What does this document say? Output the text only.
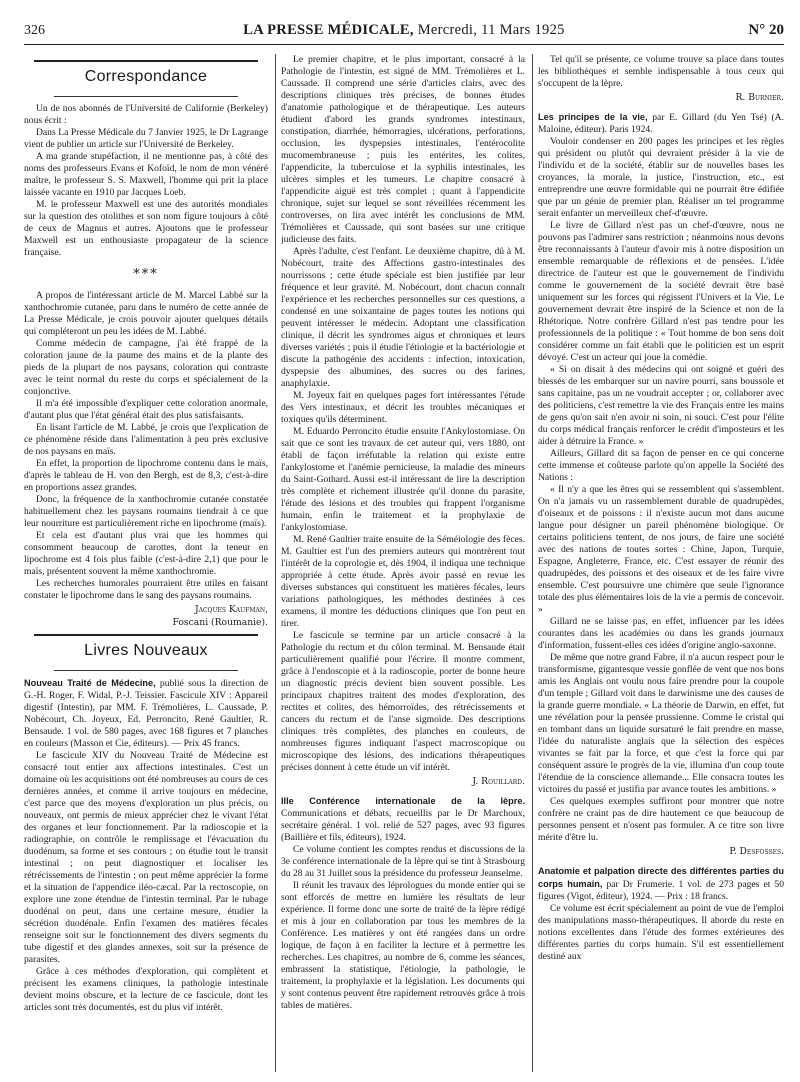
326	LA PRESSE MÉDICALE, Mercredi, 11 Mars 1925	N° 20
Correspondance

Un de nos abonnés de l'Université de Californie (Berkeley) nous écrit :

Dans La Presse Médicale du 7 Janvier 1925, le Dr Lagrange vient de publier un article sur l'Université de Berkeley.

A ma grande stupéfaction, il ne mentionne pas, à côté des noms des professeurs Evans et Kofoïd, le nom de mon vénéré maître, le professeur S. S. Maxwell, l'homme qui prit la place laissée vacante en 1910 par Jacques Loeb.

M. le professeur Maxwell est une des autorités mondiales sur la question des otolithes et son nom figure toujours à côté de ceux de Magnus et autres. Ajoutons que le professeur Maxwell est un enthousiaste propagateur de la science française.

***

A propos de l'intéressant article de M. Marcel Labbé sur la xanthochromie cutanée, paru dans le numéro de cette année de La Presse Médicale, je crois pouvoir ajouter quelques détails qui compléteront un peu les idées de M. Labbé.

Comme médecin de campagne, j'ai été frappé de la coloration jaune de la paume des mains et de la plante des pieds de la plupart de nos paysans, coloration qui contraste avec le teint normal du reste du corps et spécialement de la conjonctive.

Il m'a été impossible d'expliquer cette coloration anormale, d'autant plus que l'état général était des plus satisfaisants.

En lisant l'article de M. Labbé, je crois que l'explication de ce phénomène réside dans l'alimentation à peu près exclusive de nos paysans en maïs.

En effet, la proportion de lipochrome contenu dans le maïs, d'après le tableau de H. von den Bergh, est de 8,3, c'est-à-dire en proportions assez grandes.

Donc, la fréquence de la xanthochromie cutanée constatée habituellement chez les paysans roumains tiendrait à ce que leur nourriture est particulièrement riche en lipochrome (maïs).

Et cela est d'autant plus vrai que les hommes qui consomment beaucoup de carottes, dont la teneur en lipochrome est 4 fois plus faible (c'est-à-dire 2,1) que pour le maïs, présentent souvent la même xanthochromie.

Les recherches humorales pourraient être utiles en faisant constater le lipochrome dans le sang des paysans roumains.

Jacques Kaufman,
Foscani (Roumanie).
Livres Nouveaux
Nouveau Traité de Médecine, publié sous la direction de G.-H. Roger, F. Widal, P.-J. Teissier. Fascicule XIV : Appareil digestif (Intestin), par MM. F. Trémolières, L. Caussade, P. Nobécourt, Ch. Joyeux, Ed. Perroncito, René Gaultier, R. Bensaude. 1 vol. de 580 pages, avec 168 figures et 7 planches en couleurs (Masson et Cie, éditeurs). — Prix 45 francs.

Le fascicule XIV du Nouveau Traité de Médecine est consacré tout entier aux affections intestinales. C'est un domaine où les acquisitions ont été nombreuses au cours de ces dernières années, et comme il arrive toujours en médecine, c'est parce que des moyens d'exploration un plus précis, ou nouveaux, ont permis de mieux apprécier chez le vivant l'état des organes et leur fonctionnement. Par la radioscopie et la radiographie, on contrôle le remplissage et l'évacuation du duodénum, sa forme et ses contours ; on étudie tout le transit intestinal ; on peut diagnostiquer et localiser les rétrécissements de l'intestin ; on peut même apprécier la forme et la situation de l'appendice iléo-cæcal. Par la rectoscopie, on explore une zone étendue de l'intestin terminal. Par le tubage duodénal on peut, dans une certaine mesure, étudier la sécrétion duodénale. Enfin l'examen des matières fécales renseigne soit sur le fonctionnement des divers segments du tube digestif et des glandes annexes, soit sur la présence de parasites.

Grâce à ces méthodes d'exploration, qui complètent et précisent les examens cliniques, la pathologie intestinale devient moins obscure, et la lecture de ce fascicule, dont les articles sont très documentés, est du plus vif intérêt.

Le premier chapitre, et le plus important, consacré à la Pathologie de l'intestin, est signé de MM. Trémolières et L. Caussade. Il comprend une série d'articles clairs, avec des descriptions cliniques très précises, de bonnes études d'anatomie pathologique et de thérapeutique. Les auteurs étudient d'abord les grands syndromes intestinaux, constipation, diarrhée, hémorragies, ulcérations, perforations, occlusion, les dyspepsies intestinales, l'entérocolite mucomembraneuse ; puis les entérites, les colites, l'appendicite, la tuberculose et la syphilis intestinales, les ulcères simples et les tumeurs. Le chapitre consacré à l'appendicite aiguë est très complet ; quant à l'appendicite chronique, sujet sur lequel se sont réveillées récemment les controverses, on lira avec intérêt les conclusions de MM. Trémolières et Caussade, qui sont basées sur une critique judicieuse des faits.

Après l'adulte, c'est l'enfant. Le deuxième chapitre, dû à M. Nobécourt, traite des Affections gastro-intestinales des nourrissons ; cette étude spéciale est bien justifiée par leur fréquence et leur gravité. M. Nobécourt, dont chacun connaît l'expérience et les recherches personnelles sur ces questions, a condensé en une soixantaine de pages toutes les notions qui peuvent intéresser le médecin. Adoptant une classification clinique, il décrit les syndromes aigus et chroniques et leurs diverses variétés ; puis il étudie l'étiologie et la bactériologie et discute la pathogénie des accidents : infection, intoxication, dyspepsie des albumines, des sucres ou des farines, anaphylaxie.

M. Joyeux fait en quelques pages fort intéressantes l'étude des Vers intestinaux, et décrit les troubles mécaniques et toxiques qu'ils déterminent.

M. Eduardo Perroncito étudie ensuite l'Ankylostomiase. On sait que ce sont les travaux de cet auteur qui, vers 1880, ont établi de façon irréfutable la relation qui existe entre l'ankylostome et l'anémie pernicieuse, la maladie des mineurs du Saint-Gothard. Aussi est-il intéressant de lire la description très complète et richement illustrée qu'il donne du parasite, l'étude des lésions et des troubles qui frappent l'organisme humain, enfin le traitement et la prophylaxie de l'ankylostomiase.

M. René Gaultier traite ensuite de la Séméiologie des fèces. M. Gaultier est l'un des premiers auteurs qui montrèrent tout l'intérêt de la coprologie et, dès 1904, il indiqua une technique appropriée à cette étude. Après avoir passé en revue les diverses substances qui constituent les matières fécales, leurs variations pathologiques, les méthodes destinées à ces examens, il montre les déductions cliniques que l'on peut en tirer.

Le fascicule se termine par un article consacré à la Pathologie du rectum et du côlon terminal. M. Bensaude était particulièrement qualifié pour l'écrire. Il montre comment, grâce à l'endoscopie et à la radioscopie, porter de bonne heure un diagnostic précis devient bien souvent possible. Les principaux chapitres traitent des modes d'exploration, des rectites et colites, des hémorroïdes, des rétrécissements et cancers du rectum et de l'anse sigmoïde. Des descriptions cliniques très complètes, des planches en couleurs, de nombreuses figures indiquant l'aspect macroscopique ou microscopique des lésions, des indications thérapeutiques précises donnent à cette étude un vif intérêt.

J. Rouillard.
IIIe Conférence internationale de la lèpre. Communications et débats, recueillis par le Dr Marchoux, secrétaire général. 1 vol. relié de 527 pages, avec 93 figures (Baillière et fils, éditeurs), 1924.

Ce volume contient les comptes rendus et discussions de la 3e conférence internationale de la lèpre qui se tint à Strasbourg du 28 au 31 Juillet sous la présidence du professeur Jeanselme.

Il réunit les travaux des léprologues du monde entier qui se sont efforcés de mettre en lumière les résultats de leur expérience. Il forme donc une sorte de traité de la lèpre rédigé et mis à jour en collaboration par tous les membres de la Conférence. Les matières y ont été rangées dans un ordre logique, de façon à en faciliter la lecture et à permettre les recherches. Les chapitres, au nombre de 6, comme les séances, embrassent la statistique, l'étiologie, la pathologie, le traitement, la prophylaxie et la législation. Les documents qui y sont contenus peuvent être rapidement retrouvés grâce à trois tables de matières.

Tel qu'il se présente, ce volume trouve sa place dans toutes les bibliothèques et semble indispensable à tous ceux qui s'occupent de la lèpre.

R. Burnier.
Les principes de la vie, par E. Gillard (du Yen Tsé) (A. Maloine, éditeur). Paris 1924.

Vouloir condenser en 200 pages les principes et les règles qui président ou plutôt qui devraient présider à la vie de l'individu et de la société, établir sur de nouvelles bases les croyances, la morale, la justice, l'instruction, etc., est entreprendre une œuvre formidable qui ne pourrait être édifiée que par un génie de premier plan. Réaliser un tel programme serait enfanter un merveilleux chef-d'œuvre.

Le livre de Gillard n'est pas un chef-d'œuvre, nous ne pouvons pas l'admirer sans restriction ; néanmoins nous devons être reconnaissants à l'auteur d'avoir mis à notre disposition un ensemble remarquable de réflexions et de pensées. L'idée directrice de l'auteur est que le gouvernement de l'individu comme le gouvernement de la société devrait être basé uniquement sur les forces qui régissent l'Univers et la Vie. Le gouvernement devrait être inspiré de la Science et non de la Rhétorique. Notre confrère Gillard n'est pas tendre pour les professionnels de la politique : « Tout homme de bon sens doit considérer comme un fait établi que le politicien est un esprit dévoyé. C'est un acteur qui joue la comédie.

« Si on disait à des médecins qui ont soigné et guéri des blessés de les embarquer sur un navire pourri, sans boussole et sans capitaine, pas un ne voudrait accepter ; or, collaborer avec des politiciens, c'est remettre la vie des Français entre les mains de gens qu'on sait n'en avoir ni soin, ni souci. C'est pour l'élite du corps médical français renforcer le crédit d'imposteurs et les aider à détruire la France. »

Ailleurs, Gillard dit sa façon de penser en ce qui concerne cette immense et coûteuse parlote qu'on appelle la Société des Nations :

« Il n'y a que les êtres qui se ressemblent qui s'assemblent. On n'a jamais vu un rassemblement durable de quadrupèdes, d'oiseaux et de poissons : il n'existe aucun mot dans aucune langue pour désigner un pareil phénomène biologique. Or certains politiciens tentent, de nos jours, de faire une société avec des nations de toutes sortes : Chine, Japon, Turquie, Espagne, Angleterre, France, etc. C'est essayer de réunir des quadrupèdes, des poissons et des oiseaux et de les faire vivre ensemble. C'est poursuivre une chimère que seule l'ignorance totale des plus élémentaires lois de la vie a permis de concevoir. »

Gillard ne se laisse pas, en effet, influencer par les idées courantes dans les académies ou dans les grands journaux d'information, fussent-elles ces idées d'origine anglo-saxonne.

De même que notre grand Fabre, il n'a aucun respect pour le transformisme, gigantesque vessie gonflée de vent que nos bons amis les Anglais ont voulu nous faire prendre pour la coupole d'un temple ; Gillard voit dans le darwinisme une des causes de la grande guerre mondiale. « La théorie de Darwin, en effet, fut une révélation pour la pensée prussienne. Comme le cristal qui en tombant dans un liquide sursaturé le fait prendre en masse, l'idée du naturaliste anglais que la sélection des espèces vivantes se fait par la force, et que c'est la force qui par conséquent assure le progrès de la vie, illumina d'un coup toute l'étendue de la conscience allemande... Elle consacra toutes les victoires du passé et justifia par avance toutes les ambitions. »

Ces quelques exemples suffiront pour montrer que notre confrère ne craint pas de dire hautement ce que beaucoup de personnes pensent et n'osent pas formuler. A ce titre son livre mérite d'être lu.

P. Desfosses.
Anatomie et palpation directe des différentes parties du corps humain, par Dr Frumerie. 1 vol. de 273 pages et 50 figures (Vigot, éditeur), 1924. — Prix : 18 francs.

Ce volume est écrit spécialement au point de vue de l'emploi des manipulations masso-thérapeutiques. Il aborde du reste en notions excellentes dans l'étude des formes extérieures des différentes parties du corps humain. S'il est essentiellement destiné aux
